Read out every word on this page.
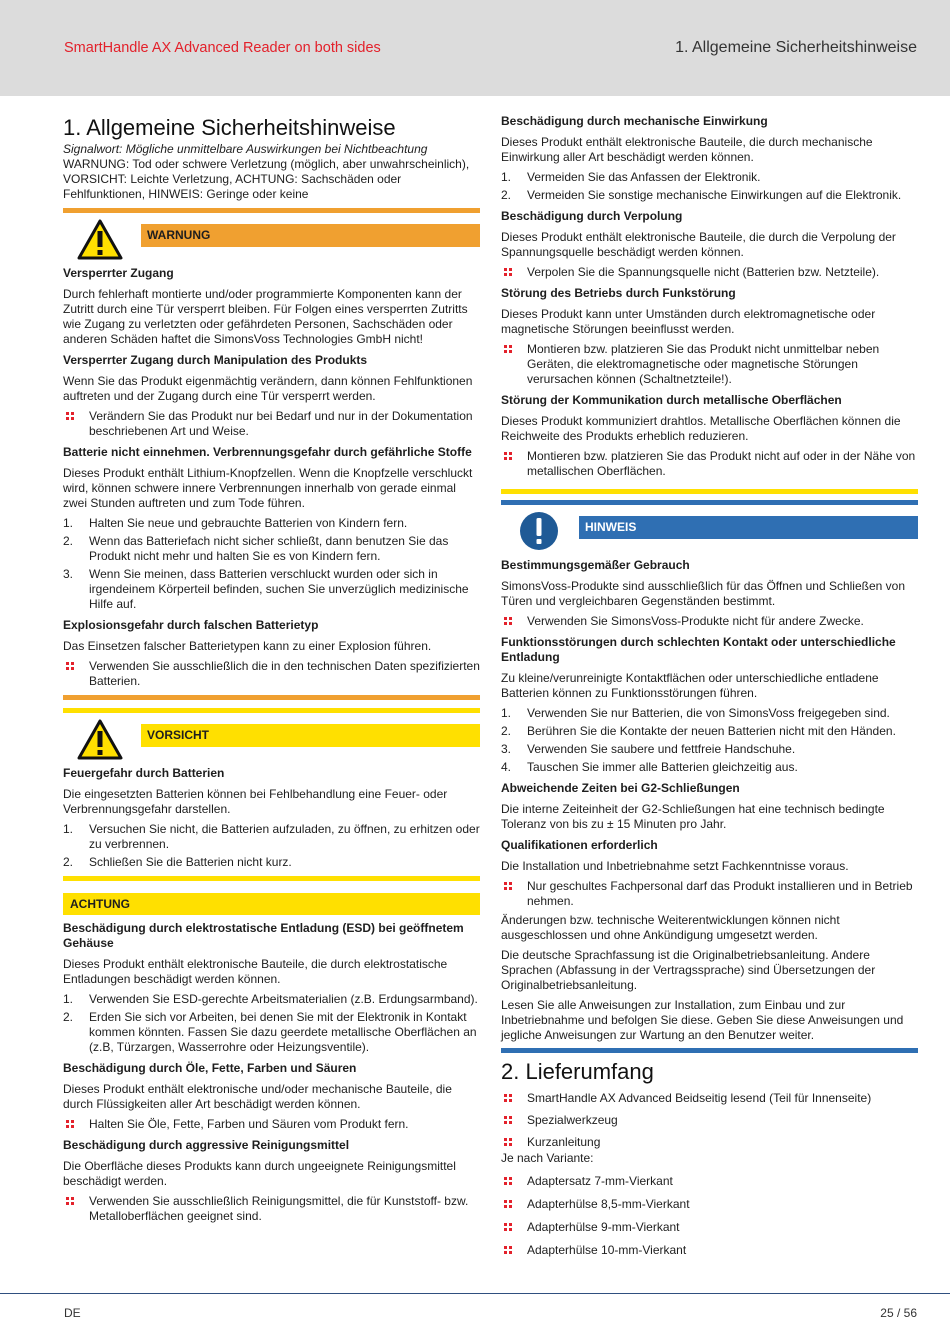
SmartHandle AX Advanced Reader on both sides	1. Allgemeine Sicherheitshinweise
1. Allgemeine Sicherheitshinweise

Signalwort: Mögliche unmittelbare Auswirkungen bei Nichtbeachtung
WARNUNG: Tod oder schwere Verletzung (möglich, aber unwahrscheinlich), VORSICHT: Leichte Verletzung, ACHTUNG: Sachschäden oder Fehlfunktionen, HINWEIS: Geringe oder keine

WARNUNG
Versperrter Zugang

Durch fehlerhaft montierte und/oder programmierte Komponenten kann der Zutritt durch eine Tür versperrt bleiben. Für Folgen eines versperrten Zutritts wie Zugang zu verletzten oder gefährdeten Personen, Sachschäden oder anderen Schäden haftet die SimonsVoss Technologies GmbH nicht!

Versperrter Zugang durch Manipulation des Produkts

Wenn Sie das Produkt eigenmächtig verändern, dann können Fehlfunktionen auftreten und der Zugang durch eine Tür versperrt werden.

Verändern Sie das Produkt nur bei Bedarf und nur in der Dokumentation beschriebenen Art und Weise.
Batterie nicht einnehmen. Verbrennungsgefahr durch gefährliche Stoffe

Dieses Produkt enthält Lithium-Knopfzellen. Wenn die Knopfzelle verschluckt wird, können schwere innere Verbrennungen innerhalb von gerade einmal zwei Stunden auftreten und zum Tode führen.

1. Halten Sie neue und gebrauchte Batterien von Kindern fern.
2. Wenn das Batteriefach nicht sicher schließt, dann benutzen Sie das Produkt nicht mehr und halten Sie es von Kindern fern.
3. Wenn Sie meinen, dass Batterien verschluckt wurden oder sich in irgendeinem Körperteil befinden, suchen Sie unverzüglich medizinische Hilfe auf.
Explosionsgefahr durch falschen Batterietyp

Das Einsetzen falscher Batterietypen kann zu einer Explosion führen.

Verwenden Sie ausschließlich die in den technischen Daten spezifizierten Batterien.
VORSICHT
Feuergefahr durch Batterien

Die eingesetzten Batterien können bei Fehlbehandlung eine Feuer- oder Verbrennungsgefahr darstellen.

1. Versuchen Sie nicht, die Batterien aufzuladen, zu öffnen, zu erhitzen oder zu verbrennen.
2. Schließen Sie die Batterien nicht kurz.
ACHTUNG
Beschädigung durch elektrostatische Entladung (ESD) bei geöffnetem Gehäuse

Dieses Produkt enthält elektronische Bauteile, die durch elektrostatische Entladungen beschädigt werden können.

1. Verwenden Sie ESD-gerechte Arbeitsmaterialien (z.B. Erdungsarmband).
2. Erden Sie sich vor Arbeiten, bei denen Sie mit der Elektronik in Kontakt kommen könnten. Fassen Sie dazu geerdete metallische Oberflächen an (z.B, Türzargen, Wasserrohre oder Heizungsventile).
Beschädigung durch Öle, Fette, Farben und Säuren

Dieses Produkt enthält elektronische und/oder mechanische Bauteile, die durch Flüssigkeiten aller Art beschädigt werden können.

Halten Sie Öle, Fette, Farben und Säuren vom Produkt fern.
Beschädigung durch aggressive Reinigungsmittel

Die Oberfläche dieses Produkts kann durch ungeeignete Reinigungsmittel beschädigt werden.

Verwenden Sie ausschließlich Reinigungsmittel, die für Kunststoff- bzw. Metalloberflächen geeignet sind.
Beschädigung durch mechanische Einwirkung

Dieses Produkt enthält elektronische Bauteile, die durch mechanische Einwirkung aller Art beschädigt werden können.

1. Vermeiden Sie das Anfassen der Elektronik.
2. Vermeiden Sie sonstige mechanische Einwirkungen auf die Elektronik.
Beschädigung durch Verpolung

Dieses Produkt enthält elektronische Bauteile, die durch die Verpolung der Spannungsquelle beschädigt werden können.

Verpolen Sie die Spannungsquelle nicht (Batterien bzw. Netzteile).
Störung des Betriebs durch Funkstörung

Dieses Produkt kann unter Umständen durch elektromagnetische oder magnetische Störungen beeinflusst werden.

Montieren bzw. platzieren Sie das Produkt nicht unmittelbar neben Geräten, die elektromagnetische oder magnetische Störungen verursachen können (Schaltnetzteile!).
Störung der Kommunikation durch metallische Oberflächen

Dieses Produkt kommuniziert drahtlos. Metallische Oberflächen können die Reichweite des Produkts erheblich reduzieren.

Montieren bzw. platzieren Sie das Produkt nicht auf oder in der Nähe von metallischen Oberflächen.
HINWEIS
Bestimmungsgemäßer Gebrauch

SimonsVoss-Produkte sind ausschließlich für das Öffnen und Schließen von Türen und vergleichbaren Gegenständen bestimmt.

Verwenden Sie SimonsVoss-Produkte nicht für andere Zwecke.
Funktionsstörungen durch schlechten Kontakt oder unterschiedliche Entladung

Zu kleine/verunreinigte Kontaktflächen oder unterschiedliche entladene Batterien können zu Funktionsstörungen führen.

1. Verwenden Sie nur Batterien, die von SimonsVoss freigegeben sind.
2. Berühren Sie die Kontakte der neuen Batterien nicht mit den Händen.
3. Verwenden Sie saubere und fettfreie Handschuhe.
4. Tauschen Sie immer alle Batterien gleichzeitig aus.
Abweichende Zeiten bei G2-Schließungen

Die interne Zeiteinheit der G2-Schließungen hat eine technisch bedingte Toleranz von bis zu ± 15 Minuten pro Jahr.

Qualifikationen erforderlich

Die Installation und Inbetriebnahme setzt Fachkenntnisse voraus.

Nur geschultes Fachpersonal darf das Produkt installieren und in Betrieb nehmen.

Änderungen bzw. technische Weiterentwicklungen können nicht ausgeschlossen und ohne Ankündigung umgesetzt werden.

Die deutsche Sprachfassung ist die Originalbetriebsanleitung. Andere Sprachen (Abfassung in der Vertragssprache) sind Übersetzungen der Originalbetriebsanleitung.

Lesen Sie alle Anweisungen zur Installation, zum Einbau und zur Inbetriebnahme und befolgen Sie diese. Geben Sie diese Anweisungen und jegliche Anweisungen zur Wartung an den Benutzer weiter.

2. Lieferumfang
SmartHandle AX Advanced Beidseitig lesend (Teil für Innenseite)
Spezialwerkzeug
Kurzanleitung

Je nach Variante:

Adaptersatz 7-mm-Vierkant
Adapterhülse 8,5-mm-Vierkant
Adapterhülse 9-mm-Vierkant
Adapterhülse 10-mm-Vierkant
DE	25 / 56
